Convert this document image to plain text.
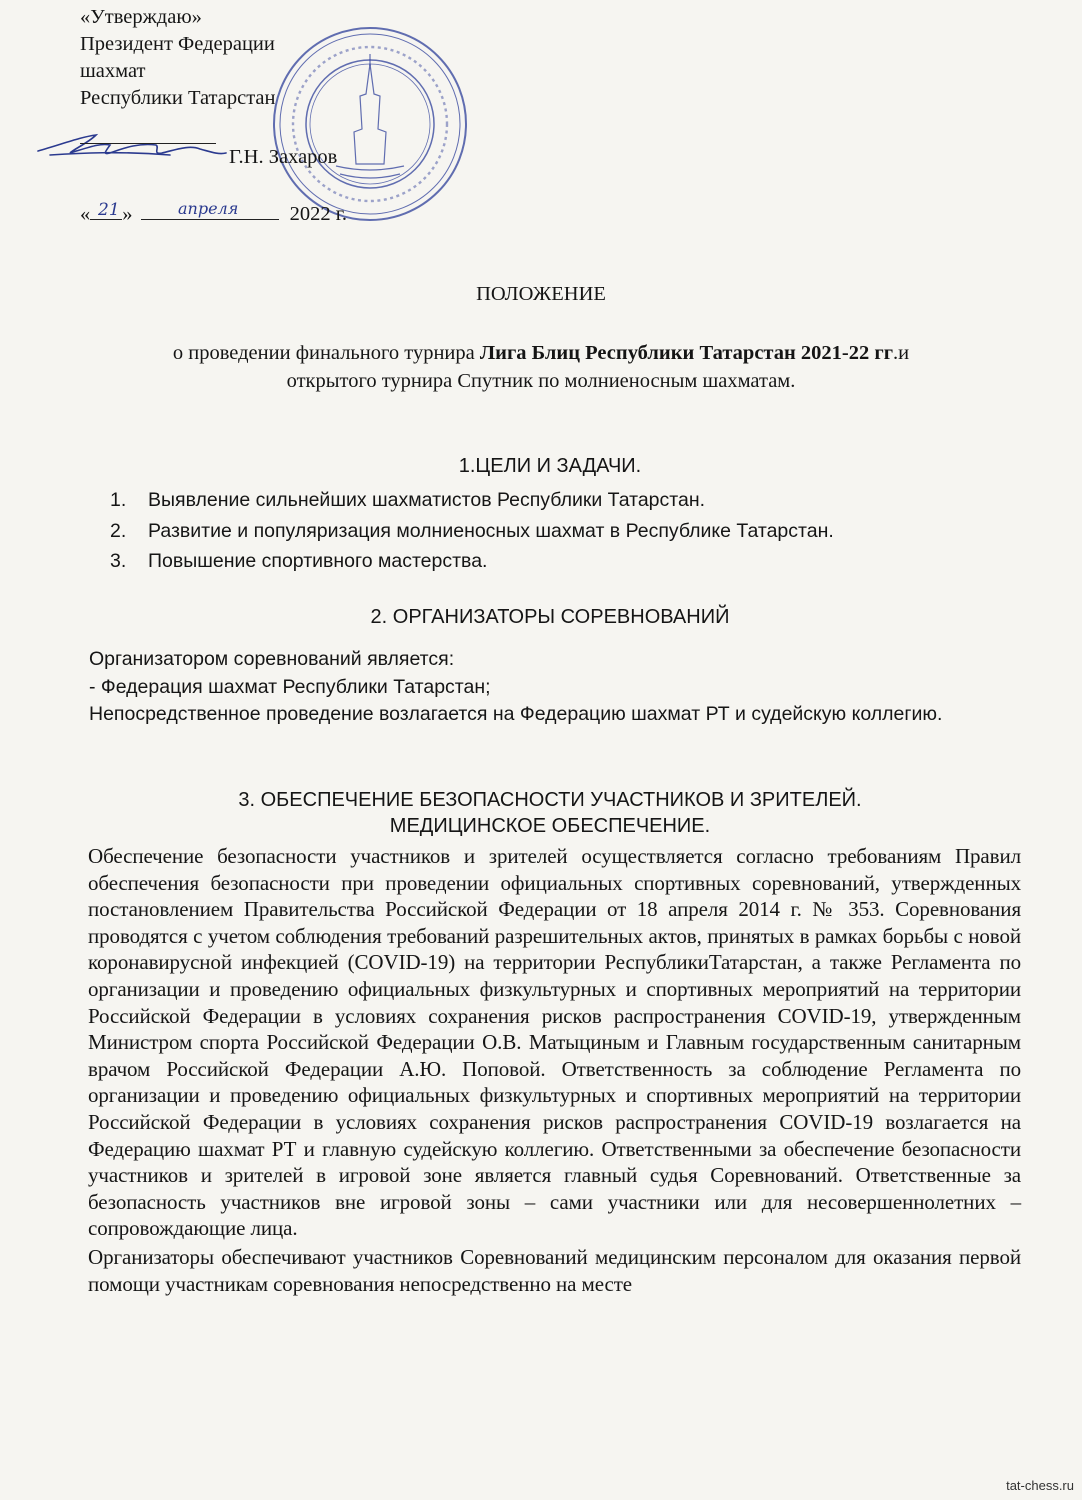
«Утверждаю»
Президент Федерации
шахмат
Республики Татарстан
Г.Н. Захаров
« »	2022 г.
21	апреля
ПОЛОЖЕНИЕ
о проведении финального турнира Лига Блиц Республики Татарстан 2021-22 гг.и
открытого турнира Спутник по молниеносным шахматам.
1.ЦЕЛИ И ЗАДАЧИ.
1. Выявление сильнейших шахматистов Республики Татарстан.
2. Развитие и популяризация молниеносных шахмат в Республике Татарстан.
3. Повышение спортивного мастерства.
2. ОРГАНИЗАТОРЫ СОРЕВНОВАНИЙ
Организатором соревнований является:
- Федерация шахмат Республики Татарстан;
Непосредственное проведение возлагается на Федерацию шахмат РТ и судейскую коллегию.
3. ОБЕСПЕЧЕНИЕ БЕЗОПАСНОСТИ УЧАСТНИКОВ И ЗРИТЕЛЕЙ.
МЕДИЦИНСКОЕ ОБЕСПЕЧЕНИЕ.

Обеспечение безопасности участников и зрителей осуществляется согласно требованиям Правил обеспечения безопасности при проведении официальных спортивных соревнований, утвержденных постановлением Правительства Российской Федерации от 18 апреля 2014 г. № 353. Соревнования проводятся с учетом соблюдения требований разрешительных актов, принятых в рамках борьбы с новой коронавирусной инфекцией (COVID-19) на территории РеспубликиТатарстан, а также Регламента по организации и проведению официальных физкультурных и спортивных мероприятий на территории Российской Федерации в условиях сохранения рисков распространения COVID-19, утвержденным Министром спорта Российской Федерации О.В. Матыциным и Главным государственным санитарным врачом Российской Федерации А.Ю. Поповой. Ответственность за соблюдение Регламента по организации и проведению официальных физкультурных и спортивных мероприятий на территории Российской Федерации в условиях сохранения рисков распространения COVID-19 возлагается на Федерацию шахмат РТ и главную судейскую коллегию. Ответственными за обеспечение безопасности участников и зрителей в игровой зоне является главный судья Соревнований. Ответственные за безопасность участников вне игровой зоны – сами участники или для несовершеннолетних – сопровождающие лица.

Организаторы обеспечивают участников Соревнований медицинским персоналом для оказания первой помощи участникам соревнования непосредственно на месте

tat-chess.ru
